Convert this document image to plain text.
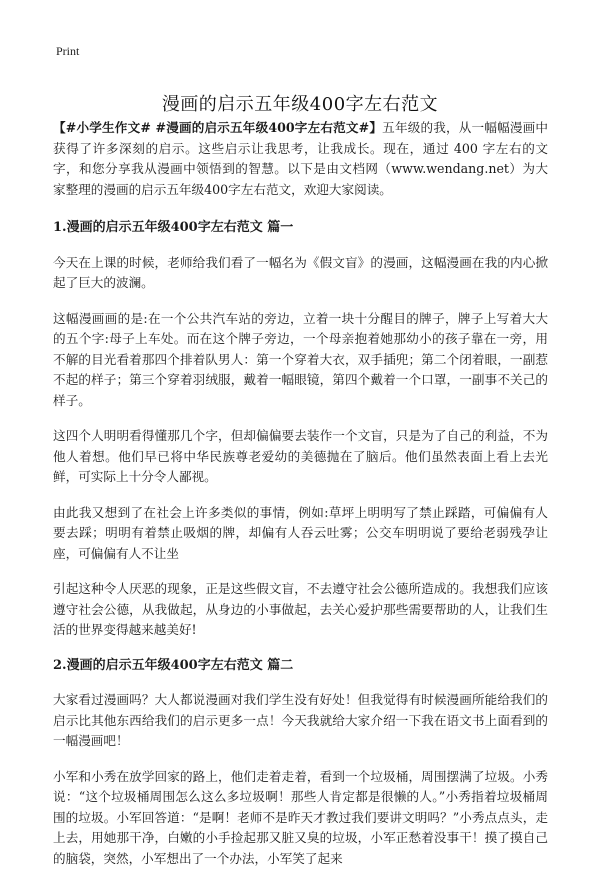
Print
漫画的启示五年级400字左右范文

【#小学生作文# #漫画的启示五年级400字左右范文#】五年级的我，从一幅幅漫画中获得了许多深刻的启示。这些启示让我思考，让我成长。现在，通过 400 字左右的文字，和您分享我从漫画中领悟到的智慧。以下是由文档网（www.wendang.net）为大家整理的漫画的启示五年级400字左右范文，欢迎大家阅读。

1.漫画的启示五年级400字左右范文 篇一

今天在上课的时候，老师给我们看了一幅名为《假文盲》的漫画，这幅漫画在我的内心掀起了巨大的波澜。

这幅漫画画的是:在一个公共汽车站的旁边，立着一块十分醒目的牌子，牌子上写着大大的五个字:母子上车处。而在这个牌子旁边，一个母亲抱着她那幼小的孩子靠在一旁，用不解的目光看着那四个排着队男人：第一个穿着大衣，双手插兜；第二个闭着眼，一副惹不起的样子；第三个穿着羽绒服，戴着一幅眼镜，第四个戴着一个口罩，一副事不关己的样子。

这四个人明明看得懂那几个字，但却偏偏要去装作一个文盲，只是为了自己的利益，不为他人着想。他们早已将中华民族尊老爱幼的美德抛在了脑后。他们虽然表面上看上去光鲜，可实际上十分令人鄙视。

由此我又想到了在社会上许多类似的事情，例如:草坪上明明写了禁止踩踏，可偏偏有人要去踩；明明有着禁止吸烟的牌，却偏有人吞云吐雾；公交车明明说了要给老弱残孕让座，可偏偏有人不让坐

引起这种令人厌恶的现象，正是这些假文盲，不去遵守社会公德所造成的。我想我们应该遵守社会公德，从我做起，从身边的小事做起，去关心爱护那些需要帮助的人，让我们生活的世界变得越来越美好!

2.漫画的启示五年级400字左右范文 篇二

大家看过漫画吗？大人都说漫画对我们学生没有好处！但我觉得有时候漫画所能给我们的启示比其他东西给我们的启示更多一点！今天我就给大家介绍一下我在语文书上面看到的一幅漫画吧！

小军和小秀在放学回家的路上，他们走着走着，看到一个垃圾桶，周围摆满了垃圾。小秀说：“这个垃圾桶周围怎么这么多垃圾啊！那些人肯定都是很懒的人。”小秀指着垃圾桶周围的垃圾。小军回答道：“是啊！老师不是昨天才教过我们要讲文明吗？”小秀点点头，走上去，用她那干净，白嫩的小手捡起那又脏又臭的垃圾，小军正愁着没事干！摸了摸自己的脑袋，突然，小军想出了一个办法，小军笑了起来
